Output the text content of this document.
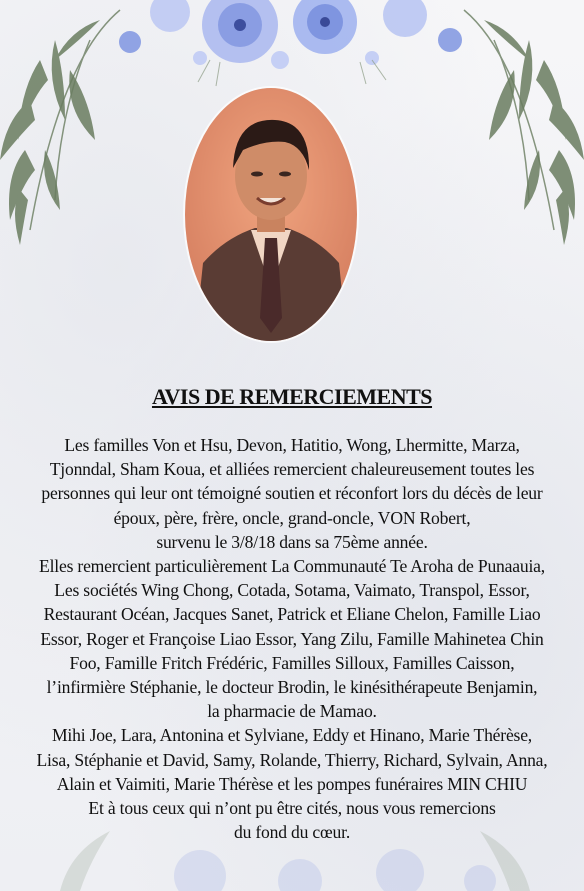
AVIS DE REMERCIEMENTS
Les familles Von et Hsu, Devon, Hatitio, Wong, Lhermitte, Marza,
Tjonndal, Sham Koua, et alliées remercient chaleureusement toutes les
personnes qui leur ont témoigné soutien et réconfort lors du décès de leur
époux, père, frère, oncle, grand-oncle, VON Robert,
survenu le 3/8/18 dans sa 75ème année.
Elles remercient particulièrement La Communauté Te Aroha de Punaauia,
Les sociétés Wing Chong, Cotada, Sotama, Vaimato, Transpol, Essor,
Restaurant Océan, Jacques Sanet, Patrick et Eliane Chelon, Famille Liao
Essor, Roger et Françoise Liao Essor, Yang Zilu, Famille Mahinetea Chin
Foo, Famille Fritch Frédéric, Familles Silloux, Familles Caisson,
l’infirmière Stéphanie, le docteur Brodin, le kinésithérapeute Benjamin,
la pharmacie de Mamao.
Mihi Joe, Lara, Antonina et Sylviane, Eddy et Hinano, Marie Thérèse,
Lisa, Stéphanie et David, Samy, Rolande, Thierry, Richard, Sylvain, Anna,
Alain et Vaimiti, Marie Thérèse et les pompes funéraires MIN CHIU
Et à tous ceux qui n’ont pu être cités, nous vous remercions
du fond du cœur.
